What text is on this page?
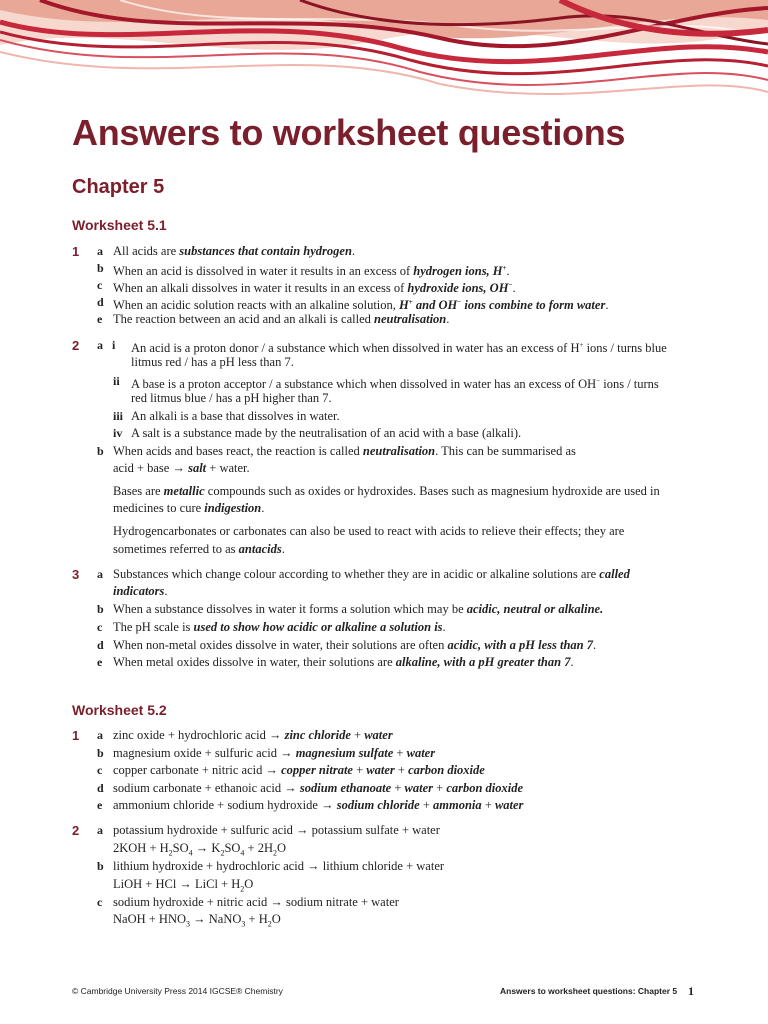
Answers to worksheet questions
Chapter 5
Worksheet 5.1
1 a All acids are substances that contain hydrogen.
b When an acid is dissolved in water it results in an excess of hydrogen ions, H+.
c When an alkali dissolves in water it results in an excess of hydroxide ions, OH−.
d When an acidic solution reacts with an alkaline solution, H+ and OH− ions combine to form water.
e The reaction between an acid and an alkali is called neutralisation.
2 a i An acid is a proton donor / a substance which when dissolved in water has an excess of H+ ions / turns blue
litmus red / has a pH less than 7.
ii A base is a proton acceptor / a substance which when dissolved in water has an excess of OH− ions / turns
red litmus blue / has a pH higher than 7.
iii An alkali is a base that dissolves in water.
iv A salt is a substance made by the neutralisation of an acid with a base (alkali).
b When acids and bases react, the reaction is called neutralisation. This can be summarised as
acid + base → salt + water.
Bases are metallic compounds such as oxides or hydroxides. Bases such as magnesium hydroxide are used in
medicines to cure indigestion.
Hydrogencarbonates or carbonates can also be used to react with acids to relieve their effects; they are
sometimes referred to as antacids.
3 a Substances which change colour according to whether they are in acidic or alkaline solutions are called
indicators.
b When a substance dissolves in water it forms a solution which may be acidic, neutral or alkaline.
c The pH scale is used to show how acidic or alkaline a solution is.
d When non-metal oxides dissolve in water, their solutions are often acidic, with a pH less than 7.
e When metal oxides dissolve in water, their solutions are alkaline, with a pH greater than 7.
Worksheet 5.2
1 a zinc oxide + hydrochloric acid → zinc chloride + water
b magnesium oxide + sulfuric acid → magnesium sulfate + water
c copper carbonate + nitric acid → copper nitrate + water + carbon dioxide
d sodium carbonate + ethanoic acid → sodium ethanoate + water + carbon dioxide
e ammonium chloride + sodium hydroxide → sodium chloride + ammonia + water
2 a potassium hydroxide + sulfuric acid → potassium sulfate + water
$2KOH + H_2SO_4 \to K_2SO_4 + 2H_2O$
b lithium hydroxide + hydrochloric acid → lithium chloride + water
LiOH + HCl → LiCl + $H_2O$
c sodium hydroxide + nitric acid → sodium nitrate + water
NaOH + $HNO_3$ → NaNO$_3$ + $H_2O$
© Cambridge University Press 2014 IGCSE® Chemistry	Answers to worksheet questions: Chapter 5 1
